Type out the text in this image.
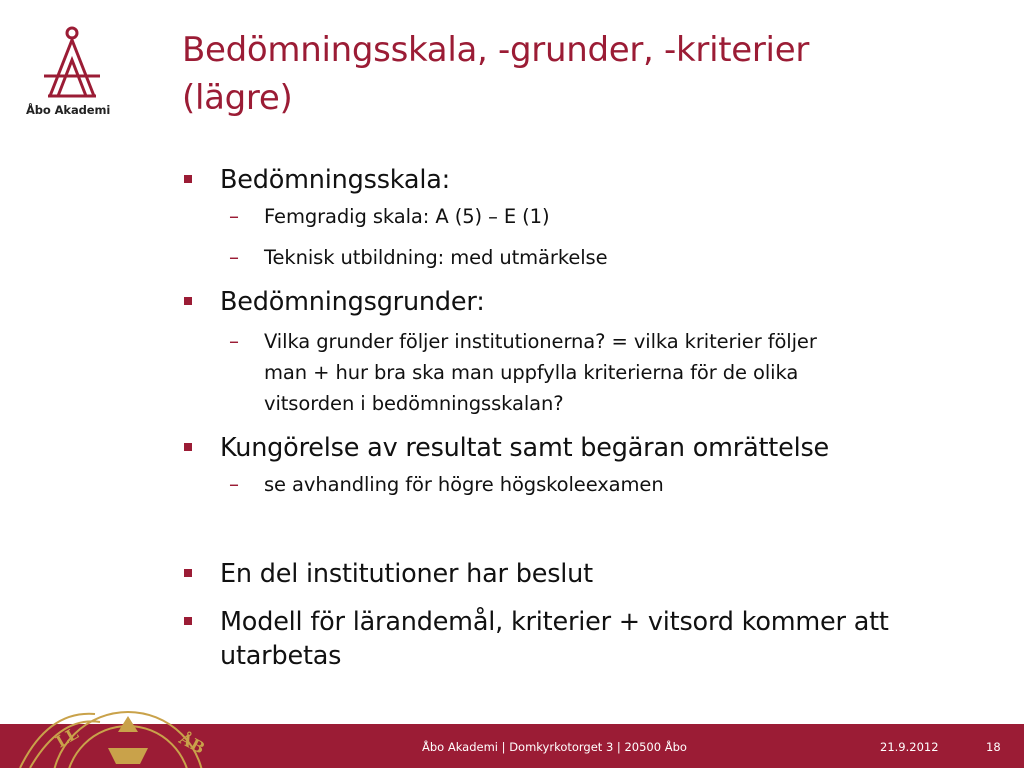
Åbo Akademi
Bedömningsskala, -grunder, -kriterier
(lägre)
Bedömningsskala:
– Femgradig skala: A (5) – E (1)
– Teknisk utbildning: med utmärkelse
Bedömningsgrunder:
– Vilka grunder följer institutionerna? = vilka kriterier följer
man + hur bra ska man uppfylla kriterierna för de olika
vitsorden i bedömningsskalan?
Kungörelse av resultat samt begäran omrättelse
– se avhandling för högre högskoleexamen
En del institutioner har beslut
Modell för lärandemål, kriterier + vitsord kommer att
utarbetas
Åbo Akademi | Domkyrkotorget 3 | 20500 Åbo	21.9.2012	18
LL	ÅB
